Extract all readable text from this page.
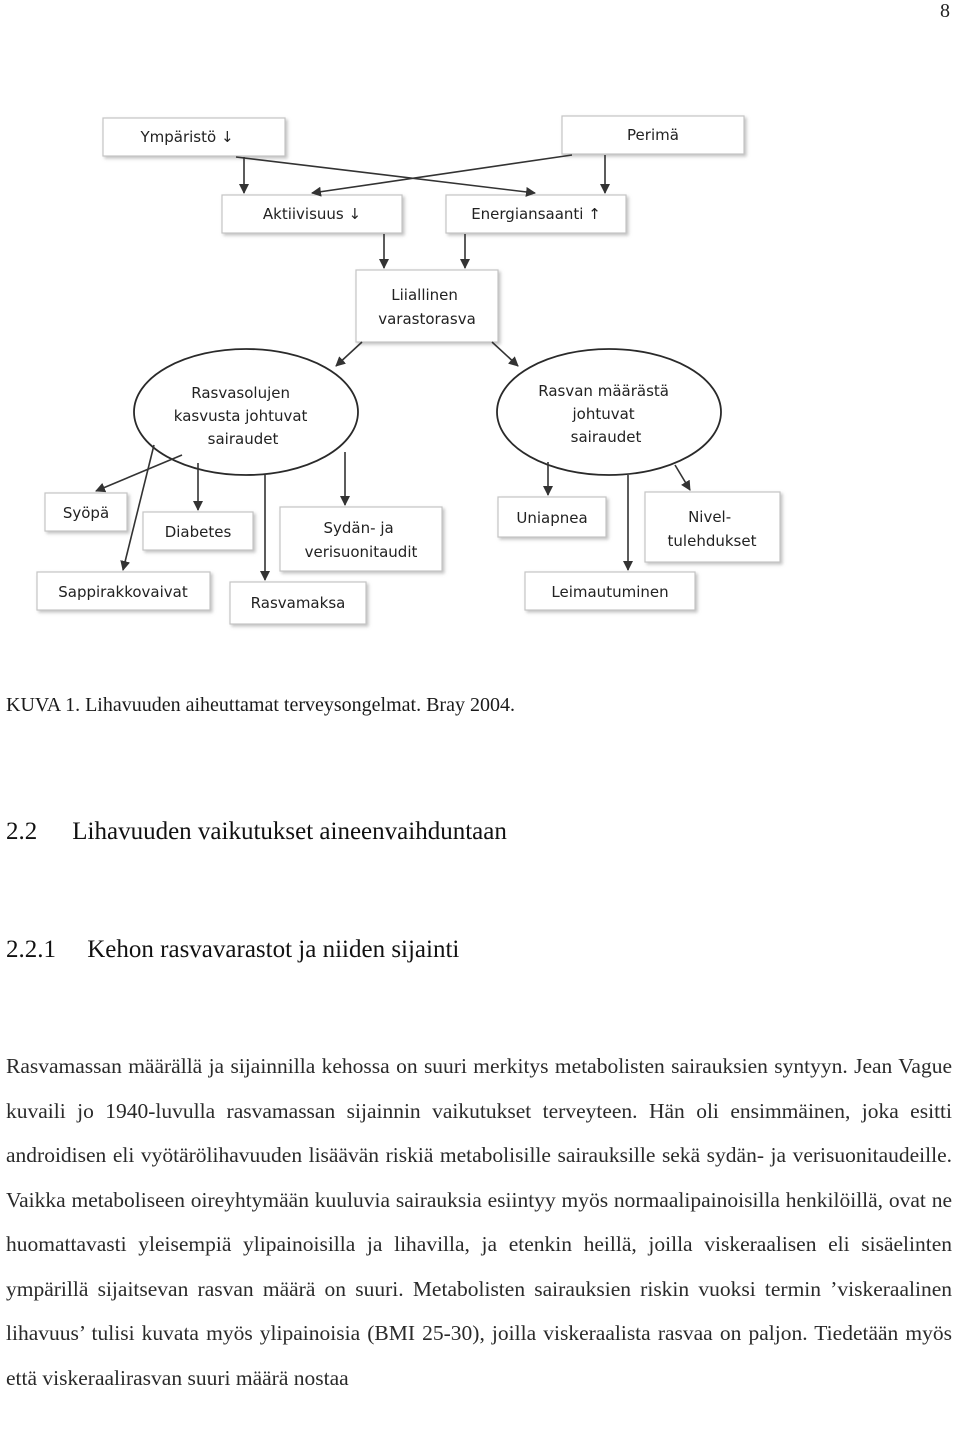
8
Ympäristö ↓	Perimä
Aktiivisuus ↓	Energiansaanti ↑
Liiallinen varastorasva
Rasvasolujen kasvusta johtuvat sairaudet
Rasvan määrästä johtuvat sairaudet
Syöpä
Diabetes	Sydän- ja verisuonitaudit
Sappirakkovaivat
Rasvamaksa
Uniapnea	Nivel- tulehdukset
Leimautuminen
KUVA 1. Lihavuuden aiheuttamat terveysongelmat. Bray 2004.
2.2 Lihavuuden vaikutukset aineenvaihduntaan
2.2.1 Kehon rasvavarastot ja niiden sijainti

Rasvamassan määrällä ja sijainnilla kehossa on suuri merkitys metabolisten sairauksien syntyyn. Jean Vague kuvaili jo 1940-luvulla rasvamassan sijainnin vaikutukset terveyteen. Hän oli ensimmäinen, joka esitti androidisen eli vyötärölihavuuden lisäävän riskiä metabolisille sairauksille sekä sydän- ja verisuonitaudeille. Vaikka metaboliseen oireyhtymään kuuluvia sairauksia esiintyy myös normaalipainoisilla henkilöillä, ovat ne huomattavasti yleisempiä ylipainoisilla ja lihavilla, ja etenkin heillä, joilla viskeraalisen eli sisäelinten ympärillä sijaitsevan rasvan määrä on suuri. Metabolisten sairauksien riskin vuoksi termin ’viskeraalinen lihavuus’ tulisi kuvata myös ylipainoisia (BMI 25-30), joilla viskeraalista rasvaa on paljon. Tiedetään myös että viskeraalirasvan suuri määrä nostaa
